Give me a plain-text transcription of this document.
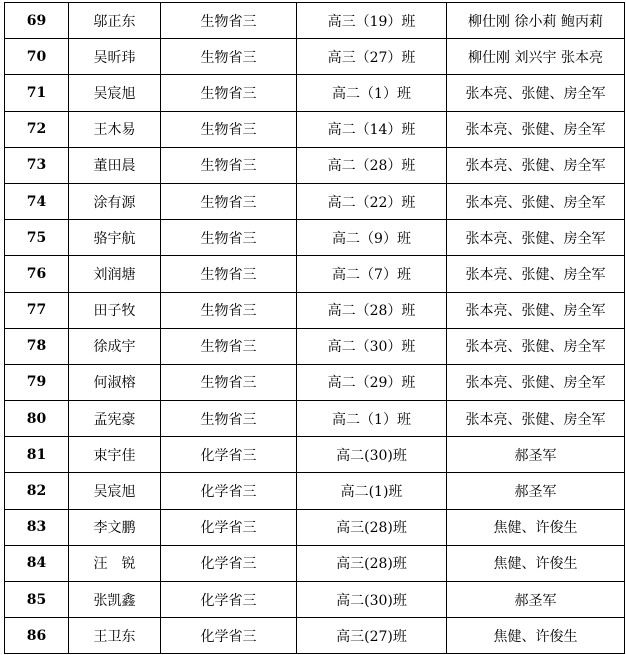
69	邬正东	生物省三	高三（19）班	柳仕刚 徐小莉 鲍丙莉
70	吴昕玮	生物省三	高三（27）班	柳仕刚 刘兴宇 张本亮
71	吴宸旭	生物省三	高二（1）班	张本亮、张健、房全军
72	王木易	生物省三	高二（14）班	张本亮、张健、房全军
73	董田晨	生物省三	高二（28）班	张本亮、张健、房全军
74	涂有源	生物省三	高二（22）班	张本亮、张健、房全军
75	骆宇航	生物省三	高二（9）班	张本亮、张健、房全军
76	刘润塘	生物省三	高二（7）班	张本亮、张健、房全军
77	田子牧	生物省三	高二（28）班	张本亮、张健、房全军
78	徐成宇	生物省三	高二（30）班	张本亮、张健、房全军
79	何淑榕	生物省三	高二（29）班	张本亮、张健、房全军
80	孟宪豪	生物省三	高二（1）班	张本亮、张健、房全军
81	束宇佳	化学省三	高二(30)班	郝圣军
82	吴宸旭	化学省三	高二(1)班	郝圣军
83	李文鹏	化学省三	高三(28)班	焦健、许俊生
84	汪　锐	化学省三	高三(28)班	焦健、许俊生
85	张凯鑫	化学省三	高二(30)班	郝圣军
86	王卫东	化学省三	高三(27)班	焦健、许俊生
